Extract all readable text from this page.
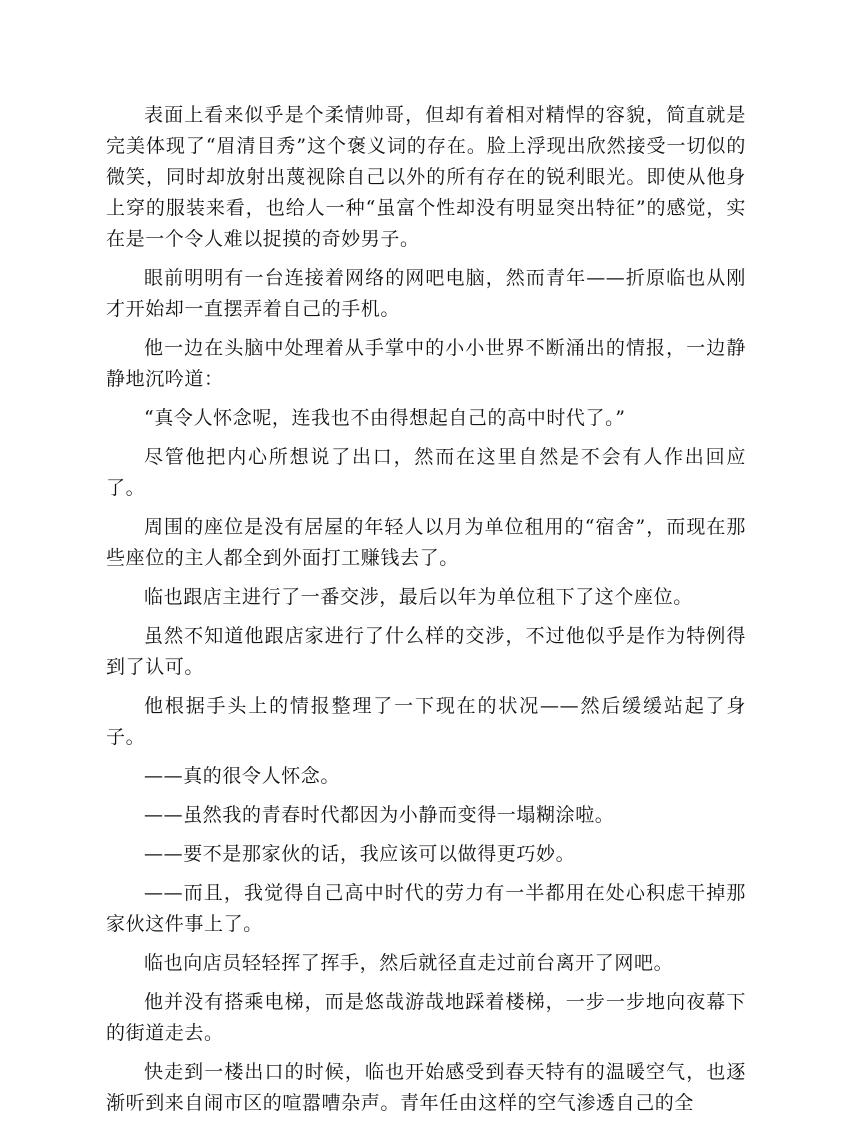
表面上看来似乎是个柔情帅哥，但却有着相对精悍的容貌，简直就是完美体现了“眉清目秀”这个褒义词的存在。脸上浮现出欣然接受一切似的微笑，同时却放射出蔑视除自己以外的所有存在的锐利眼光。即使从他身上穿的服装来看，也给人一种“虽富个性却没有明显突出特征”的感觉，实在是一个令人难以捉摸的奇妙男子。

眼前明明有一台连接着网络的网吧电脑，然而青年——折原临也从刚才开始却一直摆弄着自己的手机。

他一边在头脑中处理着从手掌中的小小世界不断涌出的情报，一边静静地沉吟道：

“真令人怀念呢，连我也不由得想起自己的高中时代了。”

尽管他把内心所想说了出口，然而在这里自然是不会有人作出回应了。

周围的座位是没有居屋的年轻人以月为单位租用的“宿舍”，而现在那些座位的主人都全到外面打工赚钱去了。

临也跟店主进行了一番交涉，最后以年为单位租下了这个座位。

虽然不知道他跟店家进行了什么样的交涉，不过他似乎是作为特例得到了认可。

他根据手头上的情报整理了一下现在的状况——然后缓缓站起了身子。

——真的很令人怀念。

——虽然我的青春时代都因为小静而变得一塌糊涂啦。

——要不是那家伙的话，我应该可以做得更巧妙。

——而且，我觉得自己高中时代的劳力有一半都用在处心积虑干掉那家伙这件事上了。

临也向店员轻轻挥了挥手，然后就径直走过前台离开了网吧。

他并没有搭乘电梯，而是悠哉游哉地踩着楼梯，一步一步地向夜幕下的街道走去。

快走到一楼出口的时候，临也开始感受到春天特有的温暖空气，也逐渐听到来自闹市区的喧嚣嘈杂声。青年任由这样的空气渗透自己的全
